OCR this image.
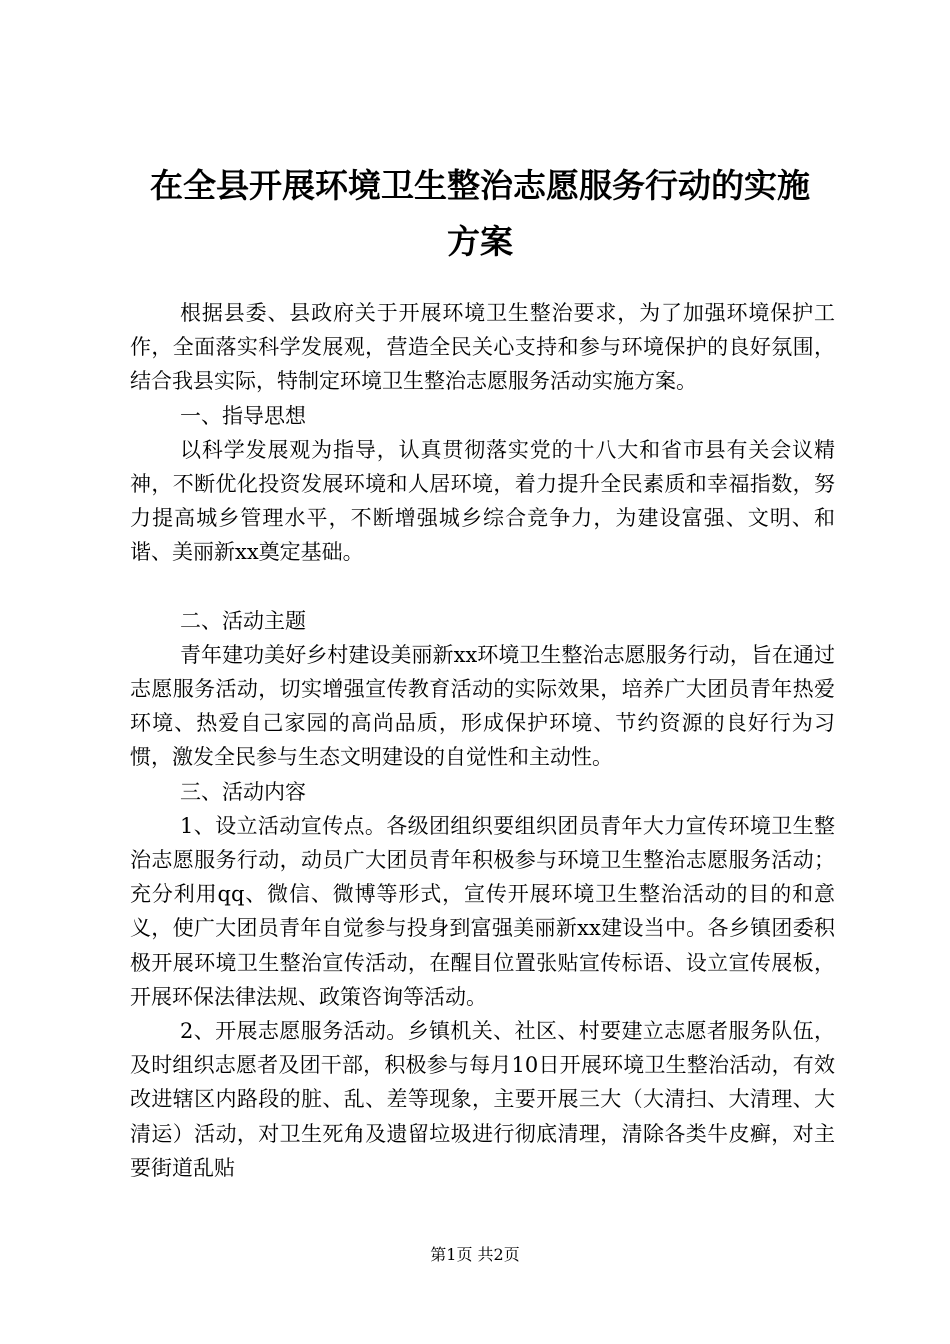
在全县开展环境卫生整治志愿服务行动的实施
方案

根据县委、县政府关于开展环境卫生整治要求，为了加强环境保护工作，全面落实科学发展观，营造全民关心支持和参与环境保护的良好氛围，结合我县实际，特制定环境卫生整治志愿服务活动实施方案。

一、指导思想

以科学发展观为指导，认真贯彻落实党的十八大和省市县有关会议精神，不断优化投资发展环境和人居环境，着力提升全民素质和幸福指数，努力提高城乡管理水平，不断增强城乡综合竞争力，为建设富强、文明、和谐、美丽新xx奠定基础。

二、活动主题

青年建功美好乡村建设美丽新xx环境卫生整治志愿服务行动，旨在通过志愿服务活动，切实增强宣传教育活动的实际效果，培养广大团员青年热爱环境、热爱自己家园的高尚品质，形成保护环境、节约资源的良好行为习惯，激发全民参与生态文明建设的自觉性和主动性。

三、活动内容

1、设立活动宣传点。各级团组织要组织团员青年大力宣传环境卫生整治志愿服务行动，动员广大团员青年积极参与环境卫生整治志愿服务活动；充分利用qq、微信、微博等形式，宣传开展环境卫生整治活动的目的和意义，使广大团员青年自觉参与投身到富强美丽新xx建设当中。各乡镇团委积极开展环境卫生整治宣传活动，在醒目位置张贴宣传标语、设立宣传展板，开展环保法律法规、政策咨询等活动。

2、开展志愿服务活动。乡镇机关、社区、村要建立志愿者服务队伍，及时组织志愿者及团干部，积极参与每月10日开展环境卫生整治活动，有效改进辖区内路段的脏、乱、差等现象，主要开展三大（大清扫、大清理、大清运）活动，对卫生死角及遗留垃圾进行彻底清理，清除各类牛皮癣，对主要街道乱贴

第1页 共2页
